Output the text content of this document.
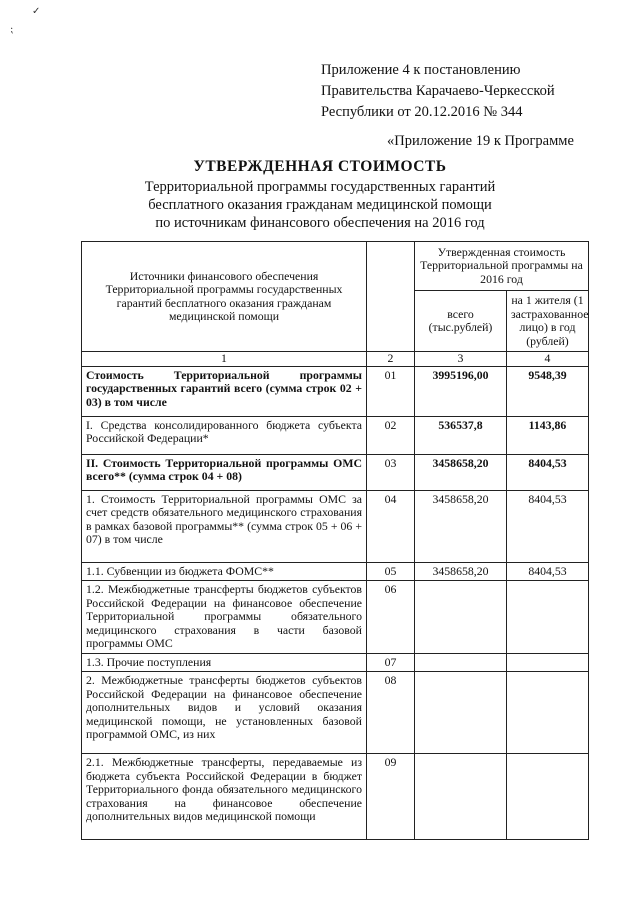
✓
⁏
Приложение 4 к постановлению
Правительства Карачаево-Черкесской
Республики от 20.12.2016 № 344
«Приложение 19 к Программе
УТВЕРЖДЕННАЯ СТОИМОСТЬ
Территориальной программы государственных гарантий
бесплатного оказания гражданам медицинской помощи
по источникам финансового обеспечения на 2016 год
Источники финансового обеспечения Территориальной программы государственных гарантий бесплатного оказания гражданам медицинской помощи		Утвержденная стоимость Территориальной программы на 2016 год	
		всего (тыс.рублей)	на 1 жителя (1 застрахованное лицо) в год (рублей)
1	2	3	4
Стоимость Территориальной программы государственных гарантий всего (сумма строк 02 + 03) в том числе	01	3995196,00	9548,39
I. Средства консолидированного бюджета субъекта Российской Федерации*	02	536537,8	1143,86
II. Стоимость Территориальной программы ОМС всего** (сумма строк 04 + 08)	03	3458658,20	8404,53
1. Стоимость Территориальной программы ОМС за счет средств обязательного медицинского страхования в рамках базовой программы** (сумма строк 05 + 06 + 07) в том числе	04	3458658,20	8404,53
1.1. Субвенции из бюджета ФОМС**	05	3458658,20	8404,53
1.2. Межбюджетные трансферты бюджетов субъектов Российской Федерации на финансовое обеспечение Территориальной программы обязательного медицинского страхования в части базовой программы ОМС	06		
1.3. Прочие поступления	07		
2. Межбюджетные трансферты бюджетов субъектов Российской Федерации на финансовое обеспечение дополнительных видов и условий оказания медицинской помощи, не установленных базовой программой ОМС, из них	08		
2.1. Межбюджетные трансферты, передаваемые из бюджета субъекта Российской Федерации в бюджет Территориального фонда обязательного медицинского страхования на финансовое обеспечение дополнительных видов медицинской помощи	09		
